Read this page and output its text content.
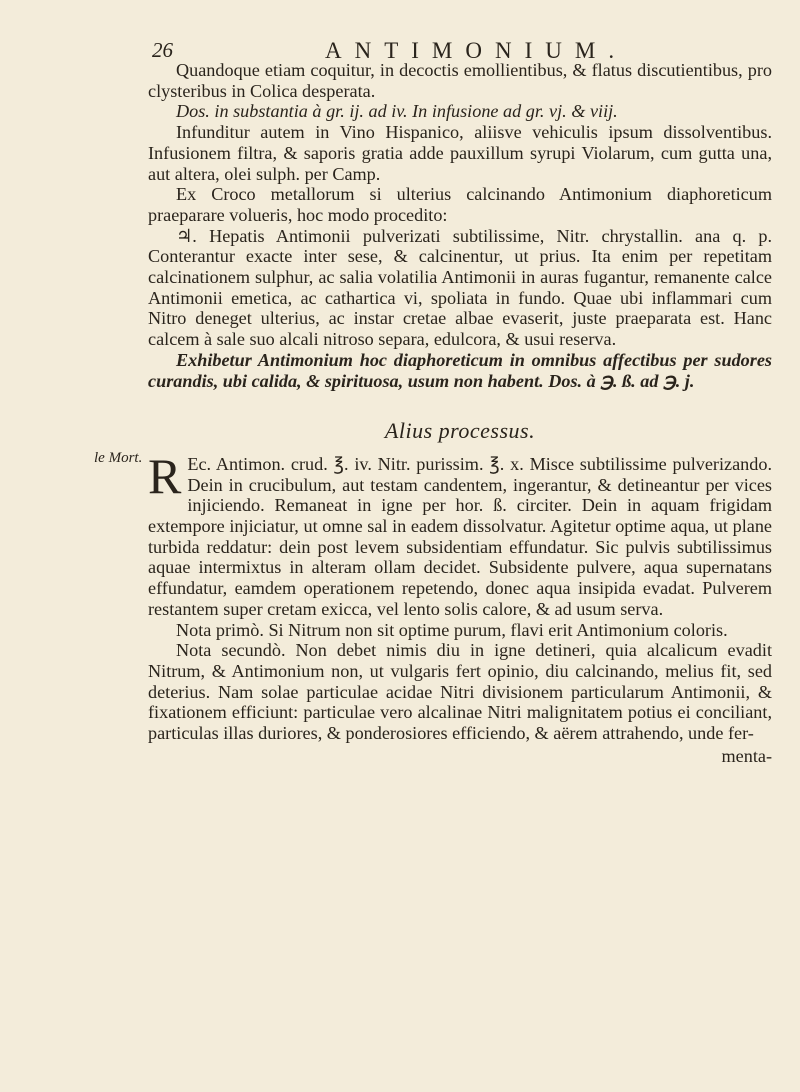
26	ANTIMONIUM.
le Mort.

Quandoque etiam coquitur, in decoctis emollientibus, & flatus discutientibus, pro clysteribus in Colica desperata.

Dos. in substantia à gr. ij. ad iv. In infusione ad gr. vj. & viij.

Infunditur autem in Vino Hispanico, aliisve vehiculis ipsum dissolventibus. Infusionem filtra, & saporis gratia adde pauxillum syrupi Violarum, cum gutta una, aut altera, olei sulph. per Camp.

Ex Croco metallorum si ulterius calcinando Antimonium diaphoreticum praeparare volueris, hoc modo procedito:

♃. Hepatis Antimonii pulverizati subtilissime, Nitr. chrystallin. ana q. p. Conterantur exacte inter sese, & calcinentur, ut prius. Ita enim per repetitam calcinationem sulphur, ac salia volatilia Antimonii in auras fugantur, remanente calce Antimonii emetica, ac cathartica vi, spoliata in fundo. Quae ubi inflammari cum Nitro deneget ulterius, ac instar cretae albae evaserit, juste praeparata est. Hanc calcem à sale suo alcali nitroso separa, edulcora, & usui reserva.

Exhibetur Antimonium hoc diaphoreticum in omnibus affectibus per sudores curandis, ubi calida, & spirituosa, usum non habent. Dos. à ℈. ß. ad ℈. j.

Alius processus.

R Ec. Antimon. crud. ℥. iv. Nitr. purissim. ℥. x. Misce subtilissime pulverizando. Dein in crucibulum, aut testam candentem, ingerantur, & detineantur per vices injiciendo. Remaneat in igne per hor. ß. circiter. Dein in aquam frigidam extempore injiciatur, ut omne sal in eadem dissolvatur. Agitetur optime aqua, ut plane turbida reddatur: dein post levem subsidentiam effundatur. Sic pulvis subtilissimus aquae intermixtus in alteram ollam decidet. Subsidente pulvere, aqua supernatans effundatur, eamdem operationem repetendo, donec aqua insipida evadat. Pulverem restantem super cretam exicca, vel lento solis calore, & ad usum serva.

Nota primò. Si Nitrum non sit optime purum, flavi erit Antimonium coloris.

Nota secundò. Non debet nimis diu in igne detineri, quia alcalicum evadit Nitrum, & Antimonium non, ut vulgaris fert opinio, diu calcinando, melius fit, sed deterius. Nam solae particulae acidae Nitri divisionem particularum Antimonii, & fixationem efficiunt: particulae vero alcalinae Nitri malignitatem potius ei conciliant, particulas illas duriores, & ponderosiores efficiendo, & aërem attrahendo, unde fer-

menta-
